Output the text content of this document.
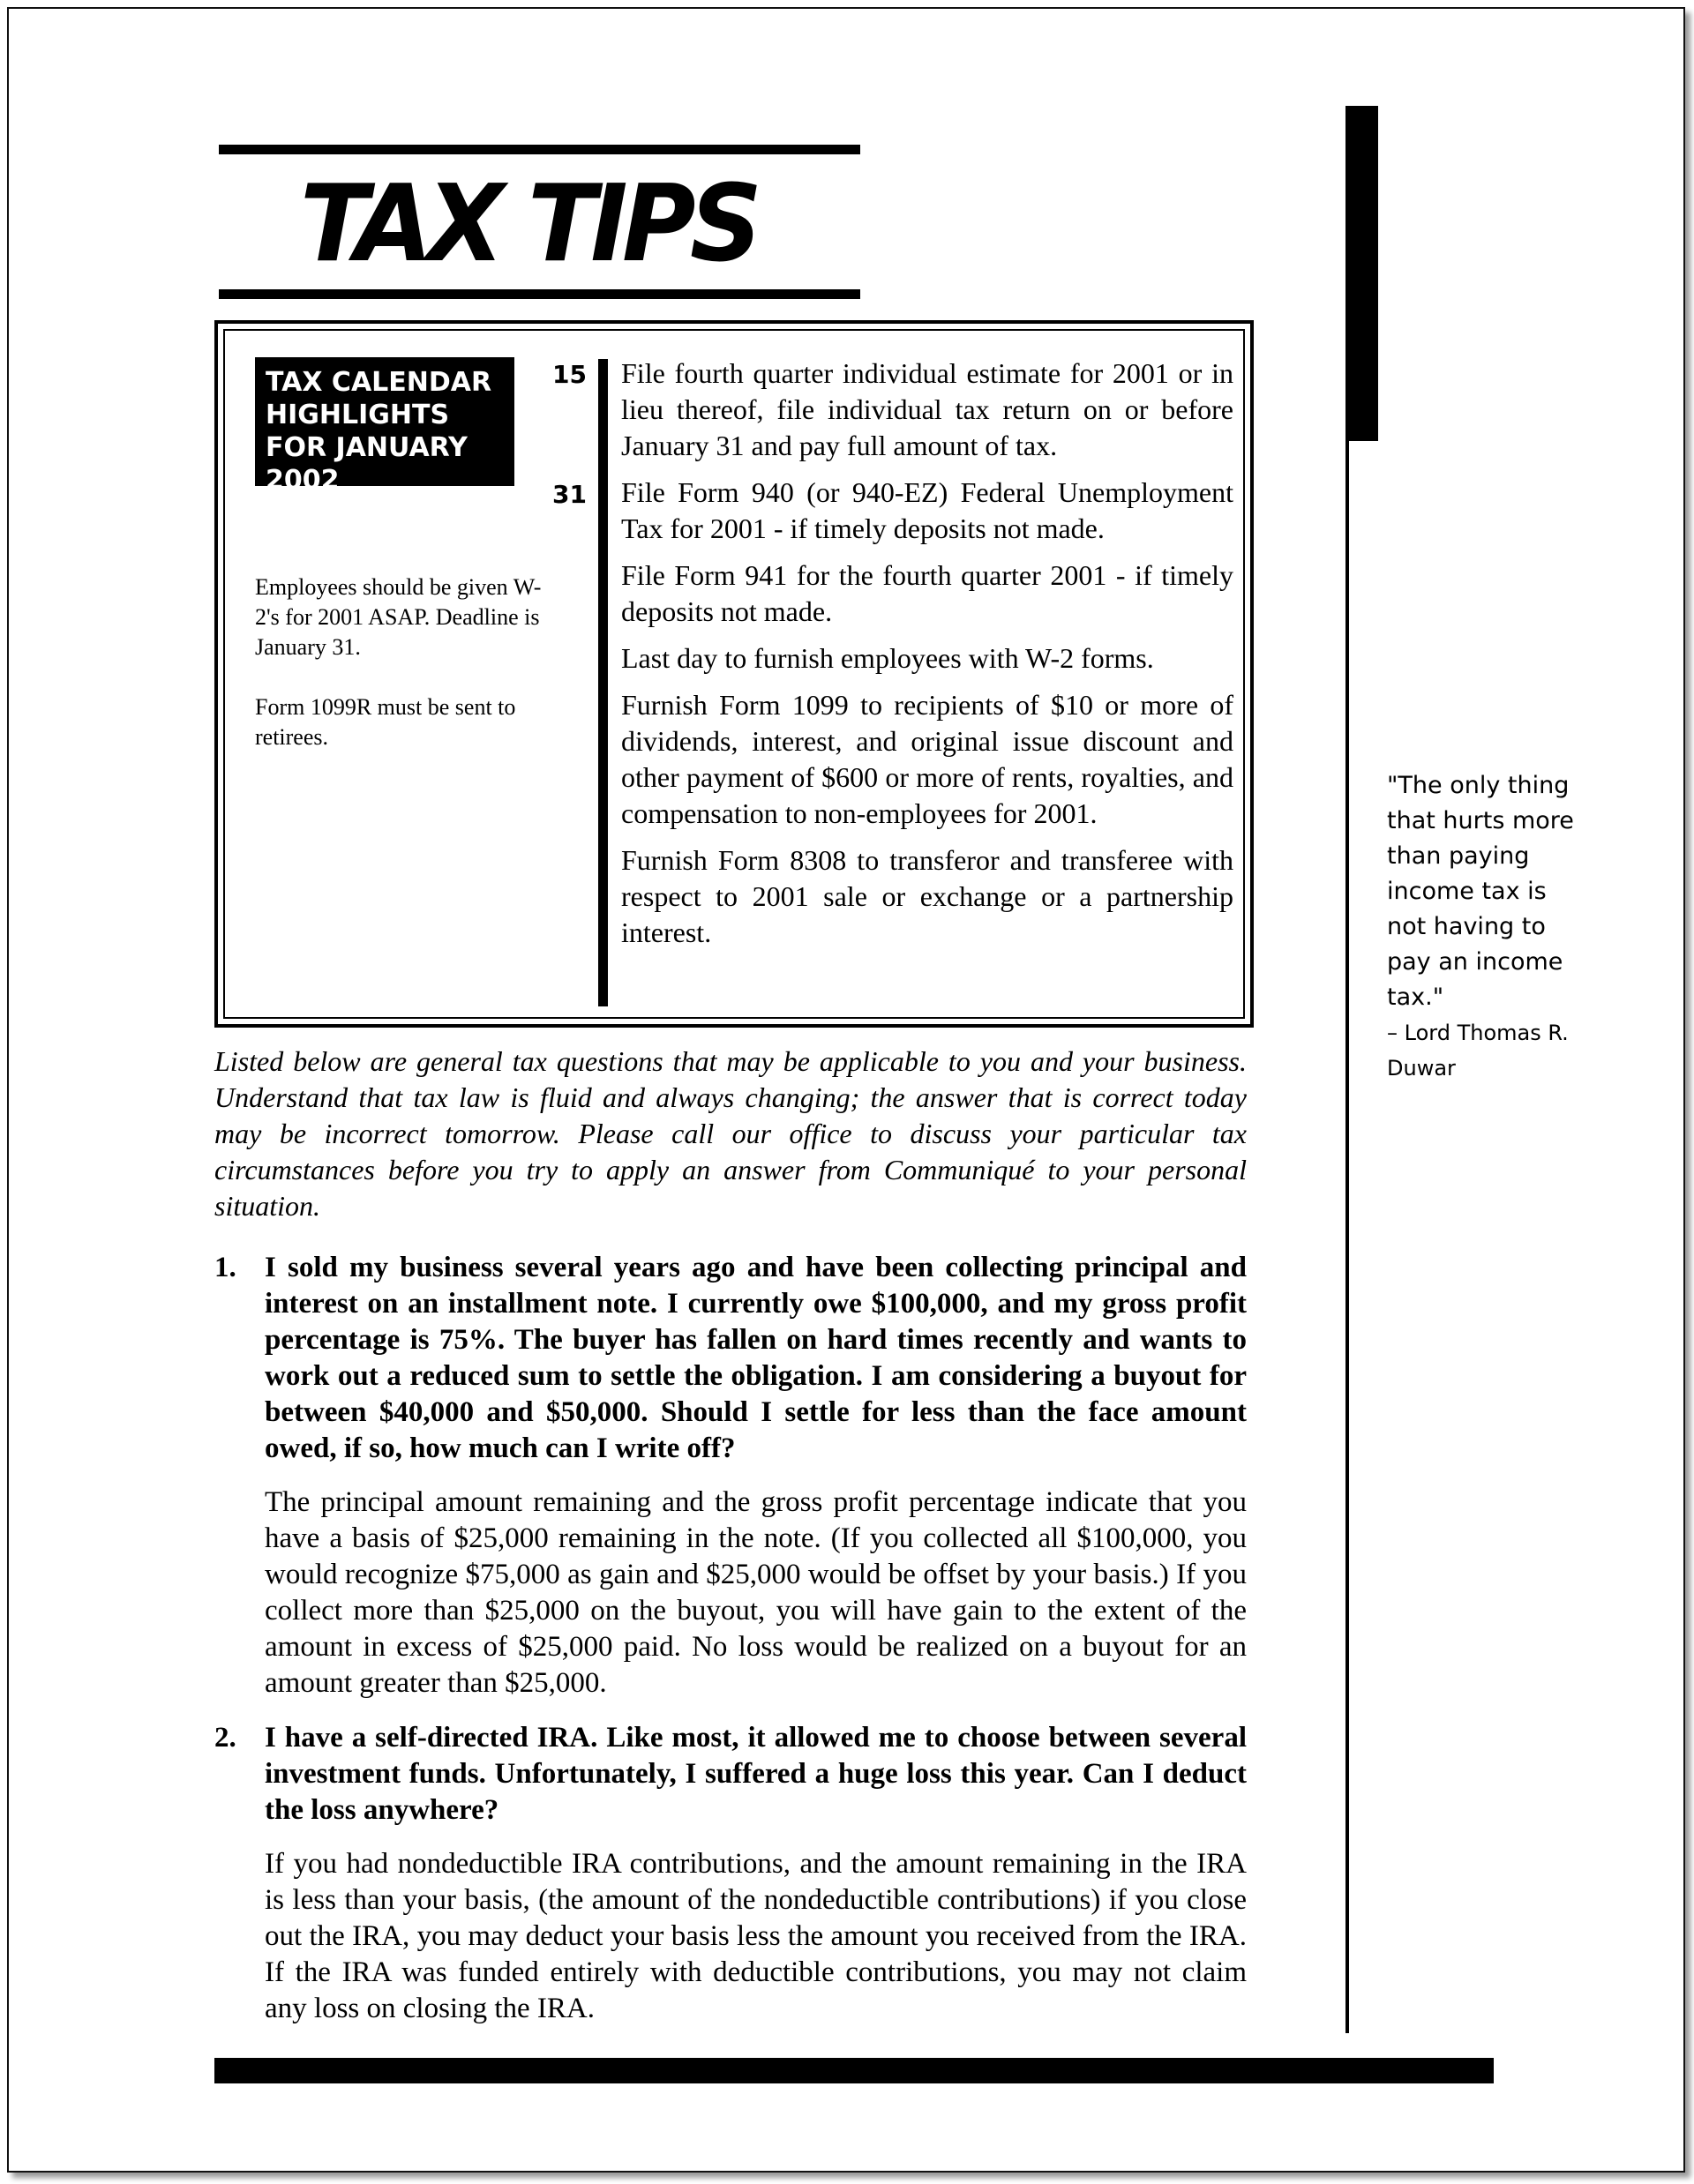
TAX TIPS
TAX CALENDAR HIGHLIGHTS FOR JANUARY 2002
Employees should be given W-2's for 2001 ASAP. Deadline is January 31.
Form 1099R must be sent to retirees.
15
31
File fourth quarter individual estimate for 2001 or in lieu thereof, file individual tax return on or before January 31 and pay full amount of tax.
File Form 940 (or 940-EZ) Federal Unemployment Tax for 2001 - if timely deposits not made.
File Form 941 for the fourth quarter 2001 - if timely deposits not made.
Last day to furnish employees with W-2 forms.
Furnish Form 1099 to recipients of $10 or more of dividends, interest, and original issue discount and other payment of $600 or more of rents, royalties, and compensation to non-employees for 2001.
Furnish Form 8308 to transferor and transferee with respect to 2001 sale or exchange or a partnership interest.

Listed below are general tax questions that may be applicable to you and your business. Understand that tax law is fluid and always changing; the answer that is correct today may be incorrect tomorrow. Please call our office to discuss your particular tax circumstances before you try to apply an answer from Communiqué to your personal situation.

1. I sold my business several years ago and have been collecting principal and interest on an installment note. I currently owe $100,000, and my gross profit percentage is 75%. The buyer has fallen on hard times recently and wants to work out a reduced sum to settle the obligation. I am considering a buyout for between $40,000 and $50,000. Should I settle for less than the face amount owed, if so, how much can I write off?

The principal amount remaining and the gross profit percentage indicate that you have a basis of $25,000 remaining in the note. (If you collected all $100,000, you would recognize $75,000 as gain and $25,000 would be offset by your basis.) If you collect more than $25,000 on the buyout, you will have gain to the extent of the amount in excess of $25,000 paid. No loss would be realized on a buyout for an amount greater than $25,000.

2. I have a self-directed IRA. Like most, it allowed me to choose between several investment funds. Unfortunately, I suffered a huge loss this year. Can I deduct the loss anywhere?

If you had nondeductible IRA contributions, and the amount remaining in the IRA is less than your basis, (the amount of the nondeductible contributions) if you close out the IRA, you may deduct your basis less the amount you received from the IRA. If the IRA was funded entirely with deductible contributions, you may not claim any loss on closing the IRA.

"The only thing that hurts more than paying income tax is not having to pay an income tax."
– Lord Thomas R. Duwar
